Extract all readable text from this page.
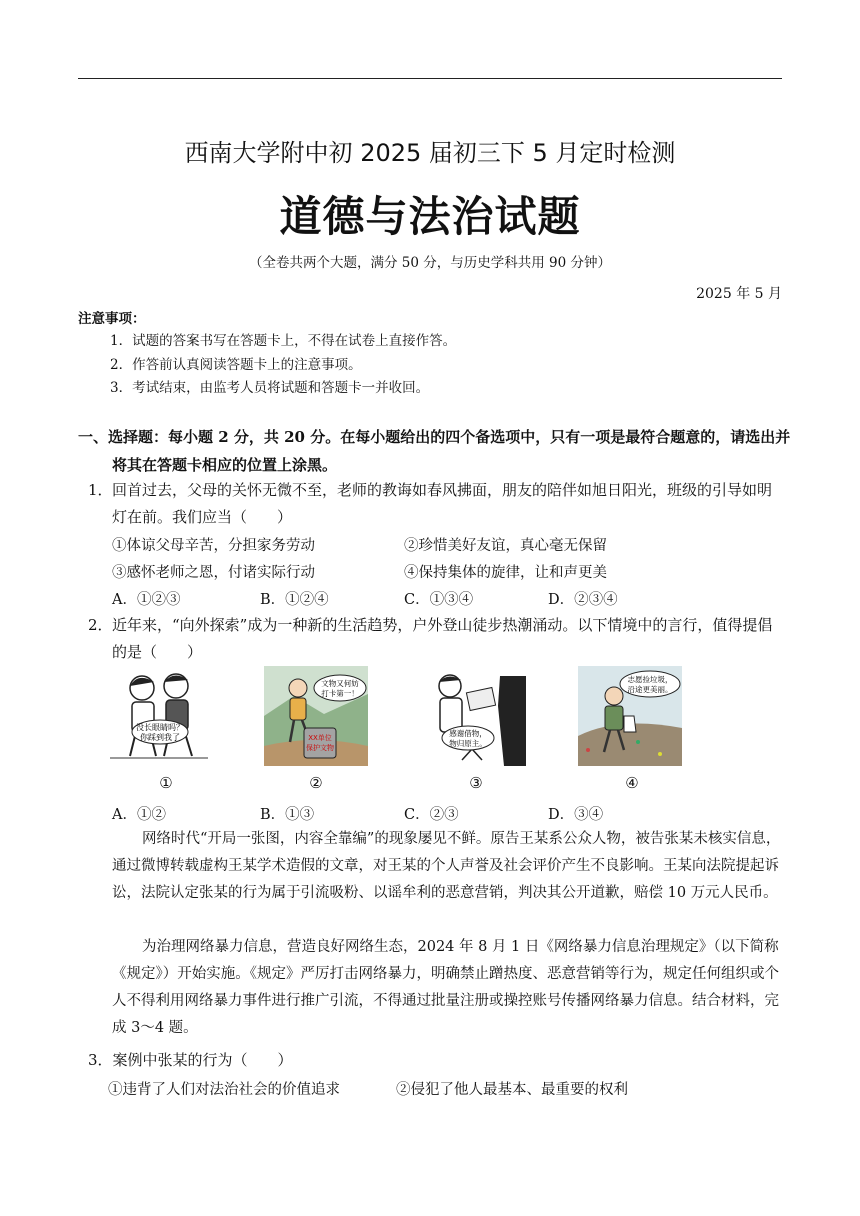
西南大学附中初 2025 届初三下 5 月定时检测
道德与法治试题
（全卷共两个大题，满分 50 分，与历史学科共用 90 分钟）
2025 年 5 月
注意事项：
1．试题的答案书写在答题卡上，不得在试卷上直接作答。
2．作答前认真阅读答题卡上的注意事项。
3．考试结束，由监考人员将试题和答题卡一并收回。
一、选择题：每小题 2 分，共 20 分。在每小题给出的四个备选项中，只有一项是最符合题意的，请选出并
将其在答题卡相应的位置上涂黑。
1． 回首过去，父母的关怀无微不至，老师的教诲如春风拂面，朋友的陪伴如旭日阳光，班级的引导如明
灯在前。我们应当（　　）
①体谅父母辛苦，分担家务劳动	②珍惜美好友谊，真心毫无保留
③感怀老师之恩，付诸实际行动	④保持集体的旋律，让和声更美
A．①②③	B．①②④	C．①③④	D．②③④
2． 近年来，“向外探索”成为一种新的生活趋势，户外登山徒步热潮涌动。以下情境中的言行，值得提倡
的是（　　）
没长眼睛吗？
你踩到我了	XX单位
保护文物
文物又何妨
打卡第一！
感谢借物，
物归原主。
志愿捡垃圾，
沿途更美丽。
①	②	③	④
A．①②	B．①③	C．②③	D．③④
网络时代“开局一张图，内容全靠编”的现象屡见不鲜。原告王某系公众人物，被告张某未核实信息，通过微博转载虚构王某学术造假的文章，对王某的个人声誉及社会评价产生不良影响。王某向法院提起诉讼，法院认定张某的行为属于引流吸粉、以谣牟利的恶意营销，判决其公开道歉，赔偿 10 万元人民币。
为治理网络暴力信息，营造良好网络生态，2024 年 8 月 1 日《网络暴力信息治理规定》（以下简称《规定》）开始实施。《规定》严厉打击网络暴力，明确禁止蹭热度、恶意营销等行为，规定任何组织或个人不得利用网络暴力事件进行推广引流，不得通过批量注册或操控账号传播网络暴力信息。结合材料，完成 3～4 题。
3．案例中张某的行为（　　）
①违背了人们对法治社会的价值追求	②侵犯了他人最基本、最重要的权利
